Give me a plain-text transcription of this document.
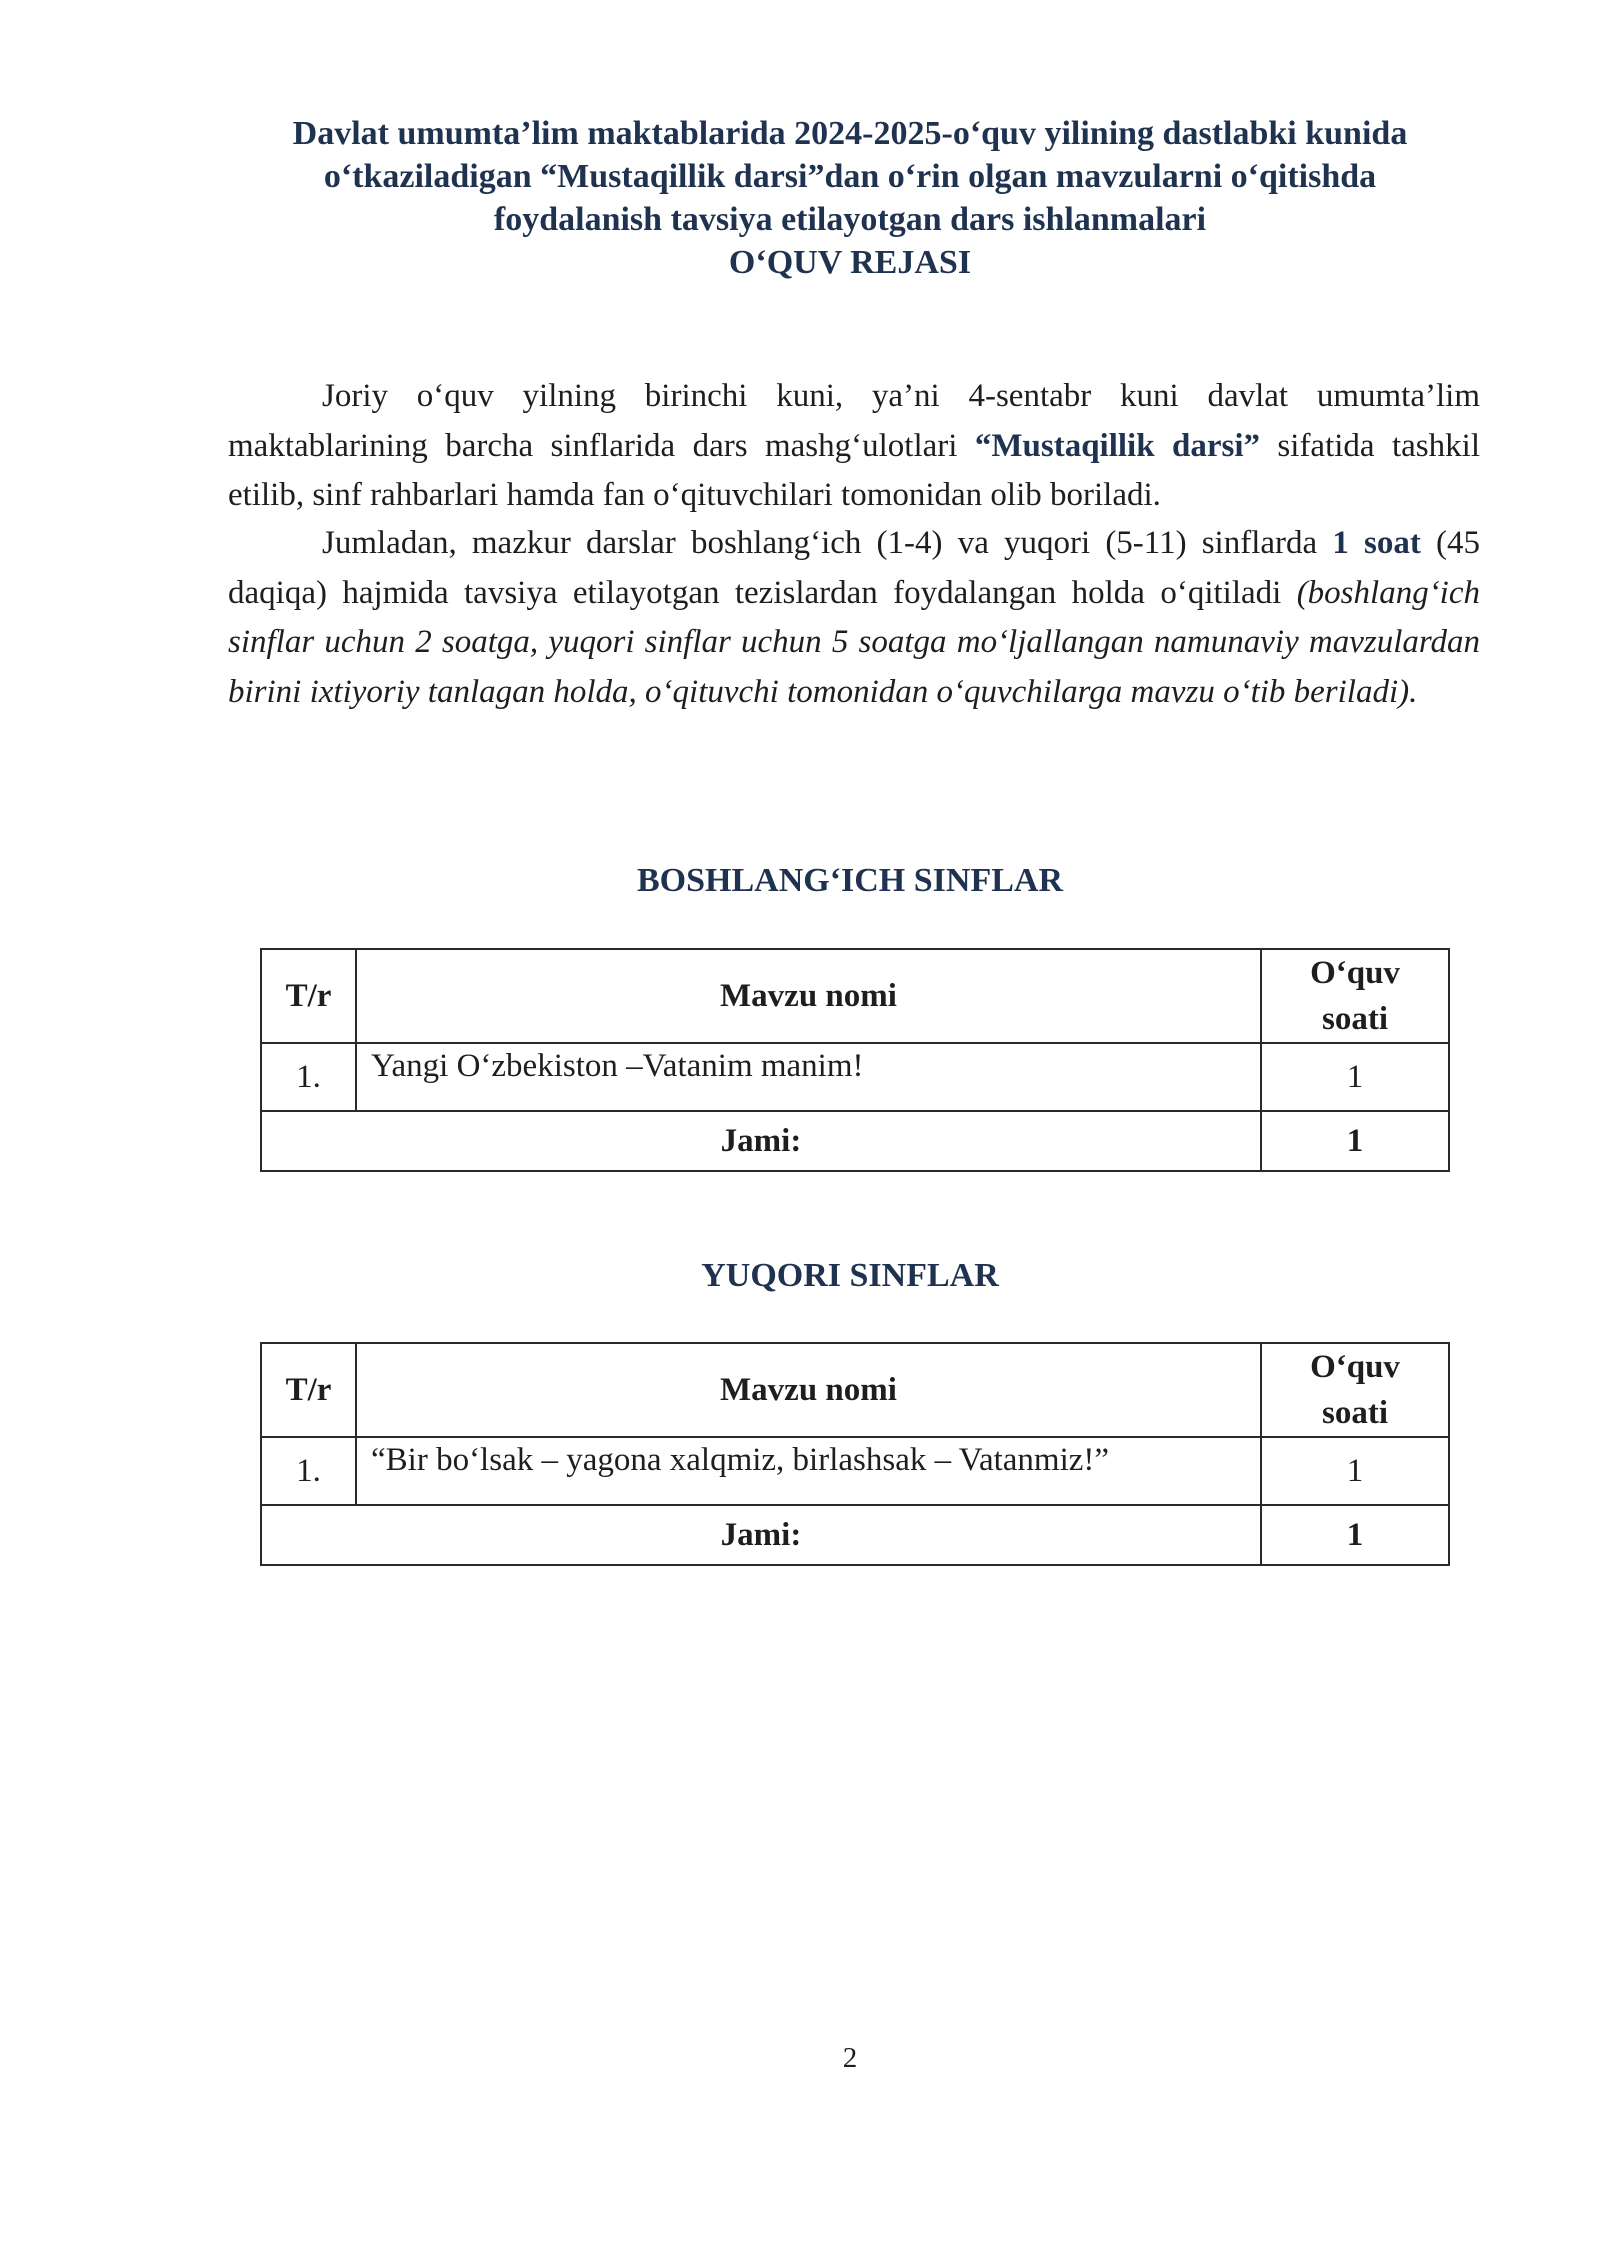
Davlat umumta’lim maktablarida 2024-2025-o‘quv yilining dastlabki kunida
o‘tkaziladigan “Mustaqillik darsi”dan o‘rin olgan mavzularni o‘qitishda
foydalanish tavsiya etilayotgan dars ishlanmalari
O‘QUV REJASI
Joriy o‘quv yilning birinchi kuni, ya’ni 4-sentabr kuni davlat umumta’lim maktablarining barcha sinflarida dars mashg‘ulotlari “Mustaqillik darsi” sifatida tashkil etilib, sinf rahbarlari hamda fan o‘qituvchilari tomonidan olib boriladi.
Jumladan, mazkur darslar boshlang‘ich (1-4) va yuqori (5-11) sinflarda 1 soat (45 daqiqa) hajmida tavsiya etilayotgan tezislardan foydalangan holda o‘qitiladi (boshlang‘ich sinflar uchun 2 soatga, yuqori sinflar uchun 5 soatga mo‘ljallangan namunaviy mavzulardan birini ixtiyoriy tanlagan holda, o‘qituvchi tomonidan o‘quvchilarga mavzu o‘tib beriladi).
BOSHLANG‘ICH SINFLAR
T/r	Mavzu nomi	O‘quv
soati
1.	Yangi O‘zbekiston –Vatanim manim!	1
Jami:		1
YUQORI SINFLAR
T/r	Mavzu nomi	O‘quv
soati
1.	“Bir bo‘lsak – yagona xalqmiz, birlashsak – Vatanmiz!”	1
Jami:		1
2
